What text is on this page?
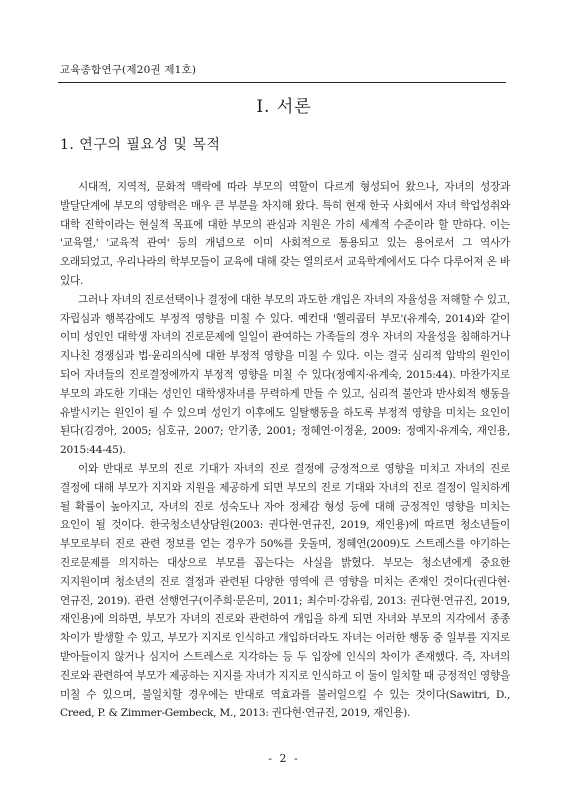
교육종합연구(제20권 제1호)
I. 서론
1. 연구의 필요성 및 목적

시대적, 지역적, 문화적 맥락에 따라 부모의 역할이 다르게 형성되어 왔으나, 자녀의 성장과 발달단계에 부모의 영향력은 매우 큰 부분을 차지해 왔다. 특히 현재 한국 사회에서 자녀 학업성취와 대학 진학이라는 현실적 목표에 대한 부모의 관심과 지원은 가히 세계적 수준이라 할 만하다. 이는 '교육열,' '교육적 관여' 등의 개념으로 이미 사회적으로 통용되고 있는 용어로서 그 역사가 오래되었고, 우리나라의 학부모들이 교육에 대해 갖는 열의로서 교육학계에서도 다수 다루어져 온 바 있다.

그러나 자녀의 진로선택이나 결정에 대한 부모의 과도한 개입은 자녀의 자율성을 저해할 수 있고, 자립심과 행복감에도 부정적 영향을 미칠 수 있다. 예컨대 '헬리콥터 부모'(유계숙, 2014)와 같이 이미 성인인 대학생 자녀의 진로문제에 일일이 관여하는 가족들의 경우 자녀의 자율성을 침해하거나 지나친 경쟁심과 법·윤리의식에 대한 부정적 영향을 미칠 수 있다. 이는 결국 심리적 압박의 원인이 되어 자녀들의 진로결정에까지 부정적 영향을 미칠 수 있다(정예지·유계숙, 2015:44). 마찬가지로 부모의 과도한 기대는 성인인 대학생자녀를 무력하게 만들 수 있고, 심리적 불안과 반사회적 행동을 유발시키는 원인이 될 수 있으며 성인기 이후에도 일탈행동을 하도록 부정적 영향을 미치는 요인이 된다(김경아, 2005; 심호규, 2007; 안기종, 2001; 정혜연·이정윤, 2009: 정예지·유계숙, 재인용, 2015:44-45).

이와 반대로 부모의 진로 기대가 자녀의 진로 결정에 긍정적으로 영향을 미치고 자녀의 진로 결정에 대해 부모가 지지와 지원을 제공하게 되면 부모의 진로 기대와 자녀의 진로 결정이 일치하게 될 확률이 높아지고, 자녀의 진로 성숙도나 자아 정체감 형성 등에 대해 긍정적인 영향을 미치는 요인이 될 것이다. 한국청소년상담원(2003: 권다현·연규진, 2019, 재인용)에 따르면 청소년들이 부모로부터 진로 관련 정보를 얻는 경우가 50%를 웃돌며, 정혜연(2009)도 스트레스를 야기하는 진로문제를 의지하는 대상으로 부모를 꼽는다는 사실을 밝혔다. 부모는 청소년에게 중요한 지지원이며 청소년의 진로 결정과 관련된 다양한 영역에 큰 영향을 미치는 존재인 것이다(권다현·연규진, 2019). 관련 선행연구(이주희·문은미, 2011; 최수미·강유림, 2013: 권다현·연규진, 2019, 재인용)에 의하면, 부모가 자녀의 진로와 관련하여 개입을 하게 되면 자녀와 부모의 지각에서 종종 차이가 발생할 수 있고, 부모가 지지로 인식하고 개입하더라도 자녀는 이러한 행동 중 일부를 지지로 받아들이지 않거나 심지어 스트레스로 지각하는 등 두 입장에 인식의 차이가 존재했다. 즉, 자녀의 진로와 관련하여 부모가 제공하는 지지를 자녀가 지지로 인식하고 이 둘이 일치할 때 긍정적인 영향을 미칠 수 있으며, 불일치할 경우에는 반대로 역효과를 불러일으킬 수 있는 것이다(Sawitri, D., Creed, P. & Zimmer-Gembeck, M., 2013: 권다현·연규진, 2019, 재인용).

- 2 -
